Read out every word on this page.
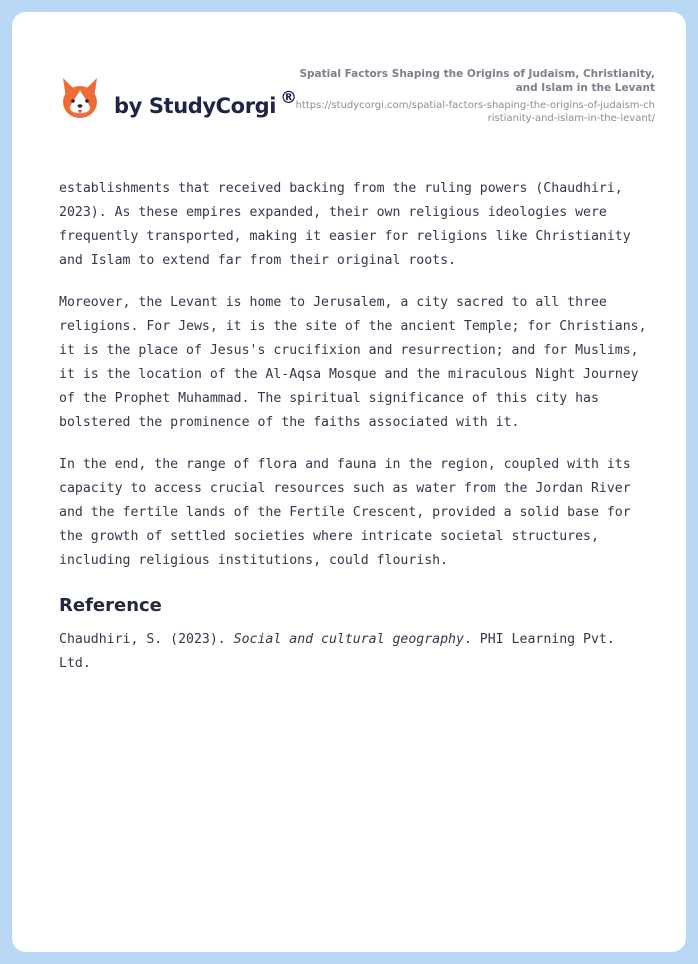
by StudyCorgi ®
Spatial Factors Shaping the Origins of Judaism, Christianity, and Islam in the Levant
https://studycorgi.com/spatial-factors-shaping-the-origins-of-judaism-christianity-and-islam-in-the-levant/

establishments that received backing from the ruling powers (Chaudhiri, 2023). As these empires expanded, their own religious ideologies were frequently transported, making it easier for religions like Christianity and Islam to extend far from their original roots.

Moreover, the Levant is home to Jerusalem, a city sacred to all three religions. For Jews, it is the site of the ancient Temple; for Christians, it is the place of Jesus's crucifixion and resurrection; and for Muslims, it is the location of the Al-Aqsa Mosque and the miraculous Night Journey of the Prophet Muhammad. The spiritual significance of this city has bolstered the prominence of the faiths associated with it.

In the end, the range of flora and fauna in the region, coupled with its capacity to access crucial resources such as water from the Jordan River and the fertile lands of the Fertile Crescent, provided a solid base for the growth of settled societies where intricate societal structures, including religious institutions, could flourish.

Reference

Chaudhiri, S. (2023). Social and cultural geography. PHI Learning Pvt. Ltd.
